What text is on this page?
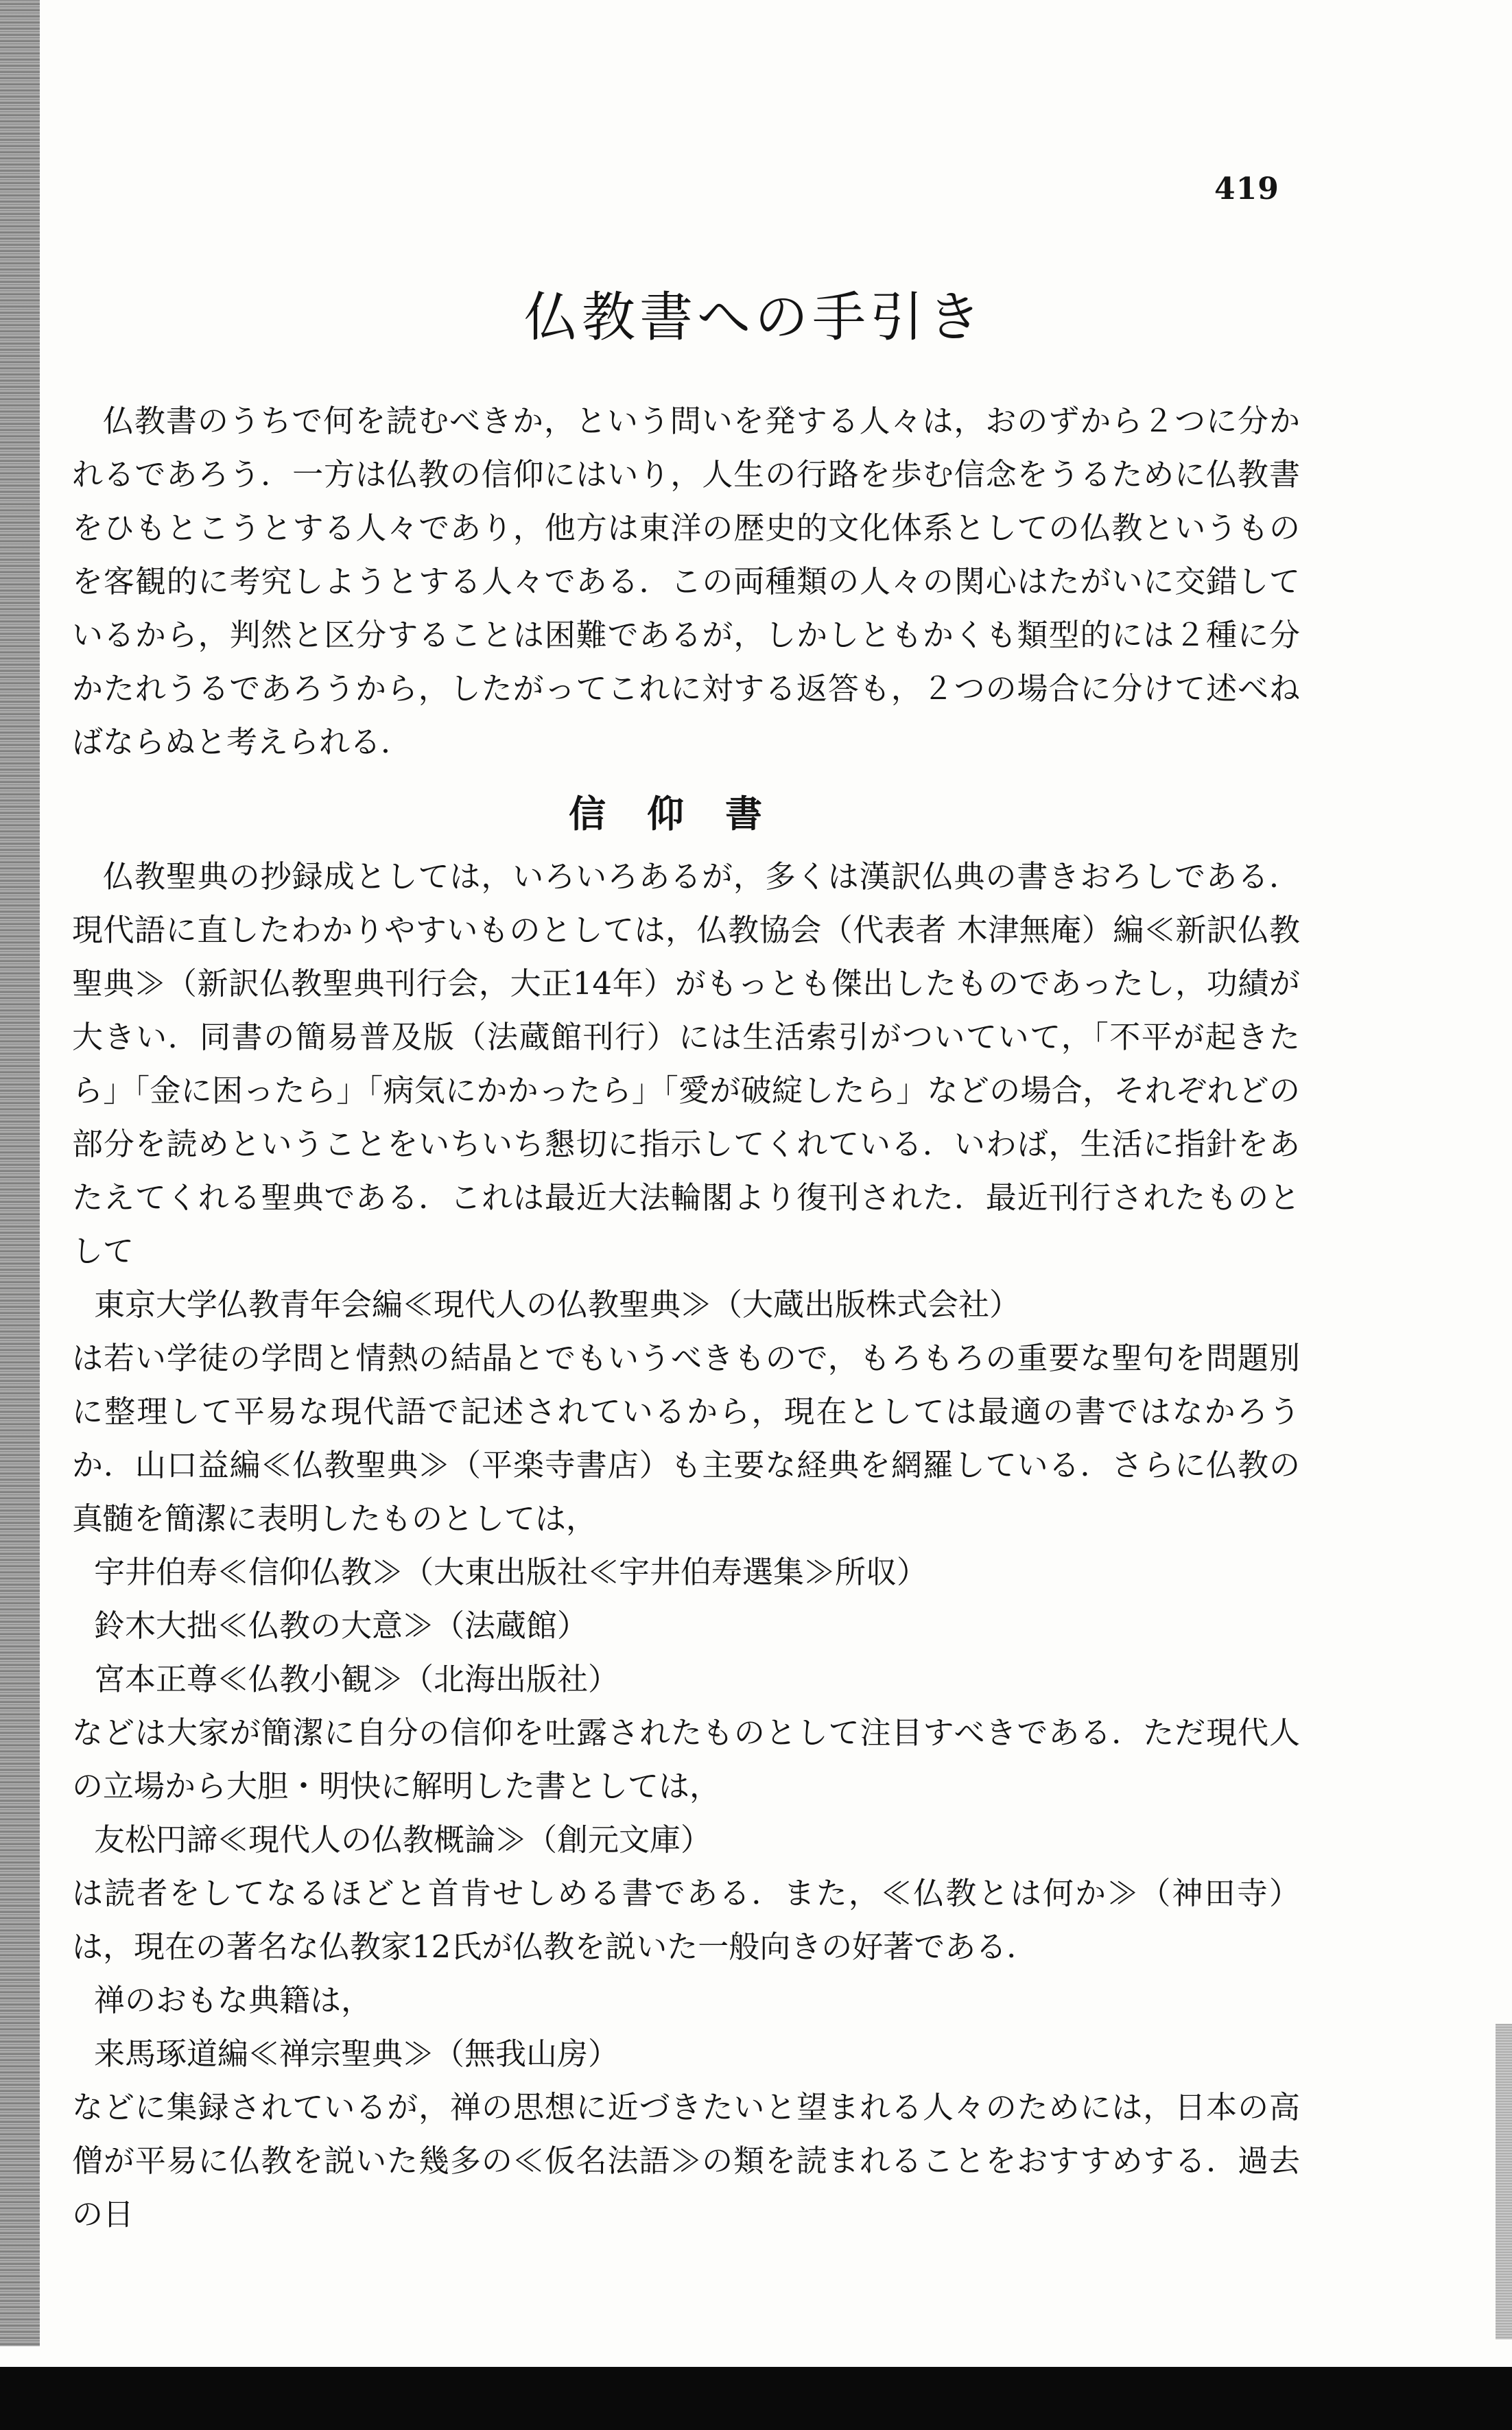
419
仏教書への手引き

仏教書のうちで何を読むべきか，という問いを発する人々は，おのずから２つに分かれるであろう．一方は仏教の信仰にはいり，人生の行路を歩む信念をうるために仏教書をひもとこうとする人々であり，他方は東洋の歴史的文化体系としての仏教というものを客観的に考究しようとする人々である．この両種類の人々の関心はたがいに交錯しているから，判然と区分することは困難であるが，しかしともかくも類型的には２種に分かたれうるであろうから，したがってこれに対する返答も，２つの場合に分けて述べねばならぬと考えられる．

信仰書

仏教聖典の抄録成としては，いろいろあるが，多くは漢訳仏典の書きおろしである．現代語に直したわかりやすいものとしては，仏教協会（代表者 木津無庵）編≪新訳仏教聖典≫（新訳仏教聖典刊行会，大正14年）がもっとも傑出したものであったし，功績が大きい．同書の簡易普及版（法蔵館刊行）には生活索引がついていて，「不平が起きたら」「金に困ったら」「病気にかかったら」「愛が破綻したら」などの場合，それぞれどの部分を読めということをいちいち懇切に指示してくれている．いわば，生活に指針をあたえてくれる聖典である．これは最近大法輪閣より復刊された．最近刊行されたものとして

東京大学仏教青年会編≪現代人の仏教聖典≫（大蔵出版株式会社）

は若い学徒の学問と情熱の結晶とでもいうべきもので，もろもろの重要な聖句を問題別に整理して平易な現代語で記述されているから，現在としては最適の書ではなかろうか．山口益編≪仏教聖典≫（平楽寺書店）も主要な経典を網羅している．さらに仏教の真髄を簡潔に表明したものとしては，

宇井伯寿≪信仰仏教≫（大東出版社≪宇井伯寿選集≫所収）

鈴木大拙≪仏教の大意≫（法蔵館）

宮本正尊≪仏教小観≫（北海出版社）

などは大家が簡潔に自分の信仰を吐露されたものとして注目すべきである．ただ現代人の立場から大胆・明快に解明した書としては，

友松円諦≪現代人の仏教概論≫（創元文庫）

は読者をしてなるほどと首肯せしめる書である．また，≪仏教とは何か≫（神田寺）は，現在の著名な仏教家12氏が仏教を説いた一般向きの好著である．

禅のおもな典籍は，

来馬琢道編≪禅宗聖典≫（無我山房）

などに集録されているが，禅の思想に近づきたいと望まれる人々のためには，日本の高僧が平易に仏教を説いた幾多の≪仮名法語≫の類を読まれることをおすすめする．過去の日
